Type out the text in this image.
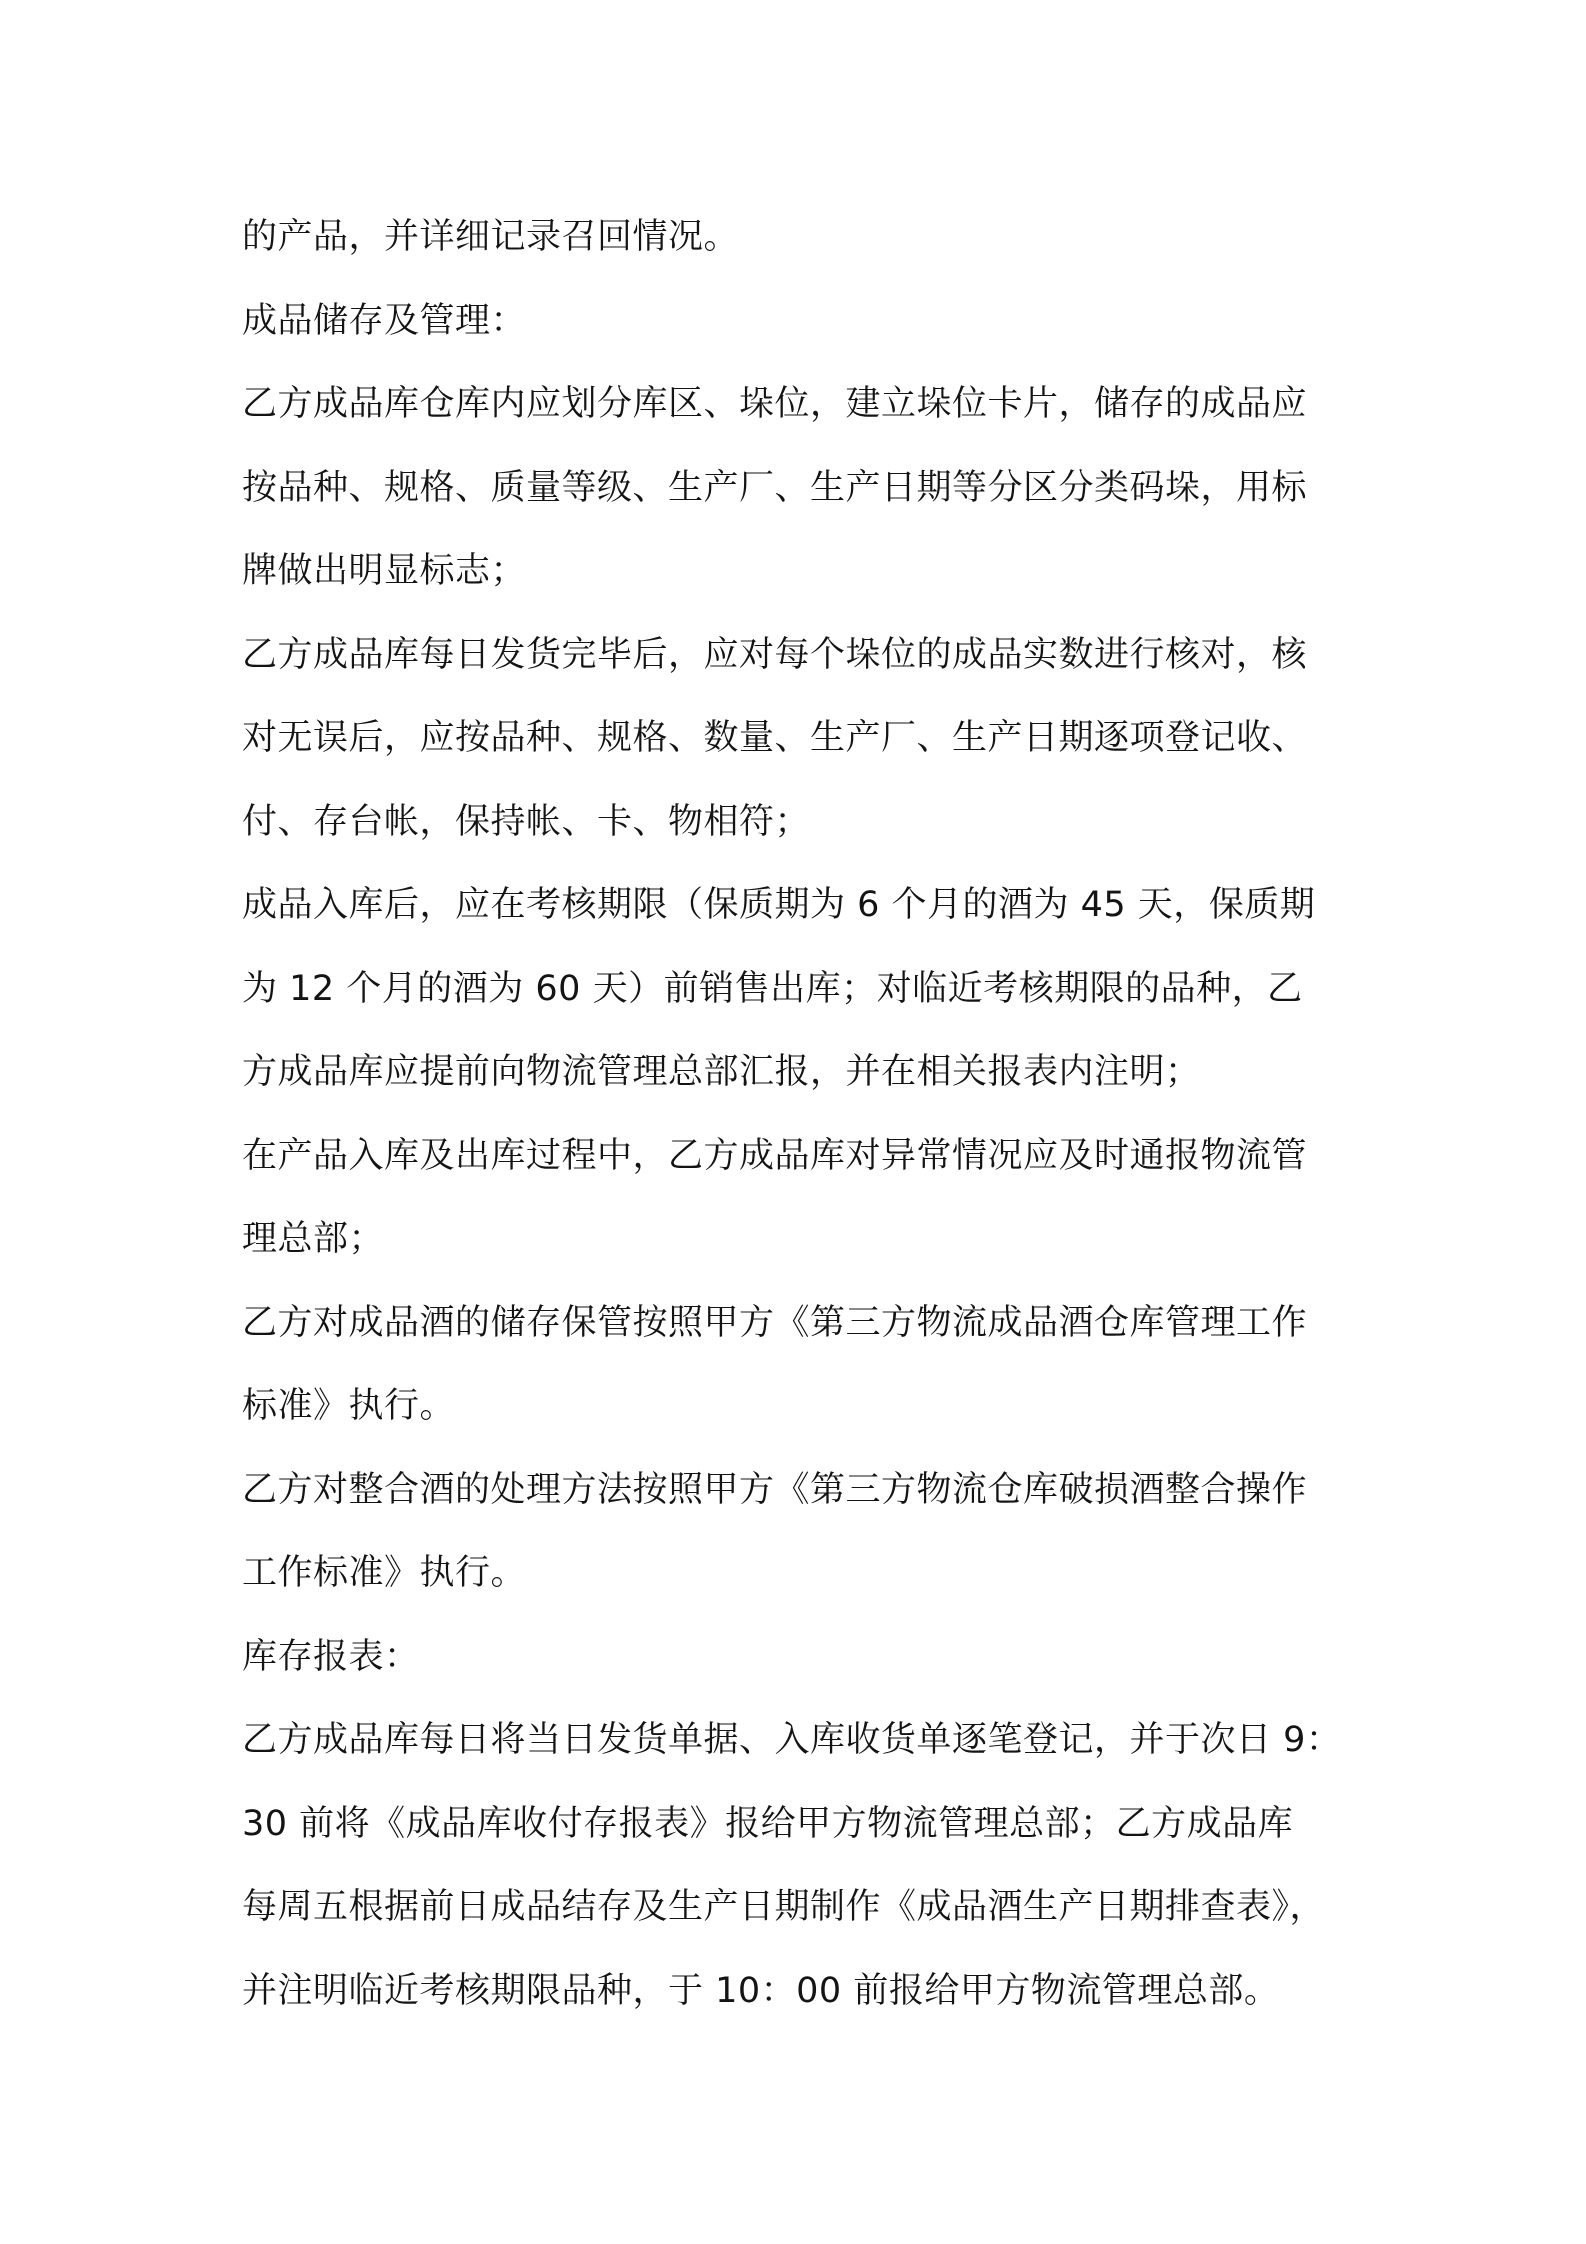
的产品，并详细记录召回情况。
成品储存及管理：
乙方成品库仓库内应划分库区、垛位，建立垛位卡片，储存的成品应
按品种、规格、质量等级、生产厂、生产日期等分区分类码垛，用标
牌做出明显标志；
乙方成品库每日发货完毕后，应对每个垛位的成品实数进行核对，核
对无误后，应按品种、规格、数量、生产厂、生产日期逐项登记收、
付、存台帐，保持帐、卡、物相符；
成品入库后，应在考核期限（保质期为 6 个月的酒为 45 天，保质期
为 12 个月的酒为 60 天）前销售出库；对临近考核期限的品种，乙
方成品库应提前向物流管理总部汇报，并在相关报表内注明；
在产品入库及出库过程中，乙方成品库对异常情况应及时通报物流管
理总部；
乙方对成品酒的储存保管按照甲方《第三方物流成品酒仓库管理工作
标准》执行。
乙方对整合酒的处理方法按照甲方《第三方物流仓库破损酒整合操作
工作标准》执行。
库存报表：
乙方成品库每日将当日发货单据、入库收货单逐笔登记，并于次日 9：
30 前将《成品库收付存报表》报给甲方物流管理总部；乙方成品库
每周五根据前日成品结存及生产日期制作《成品酒生产日期排查表》，
并注明临近考核期限品种，于 10：00 前报给甲方物流管理总部。
